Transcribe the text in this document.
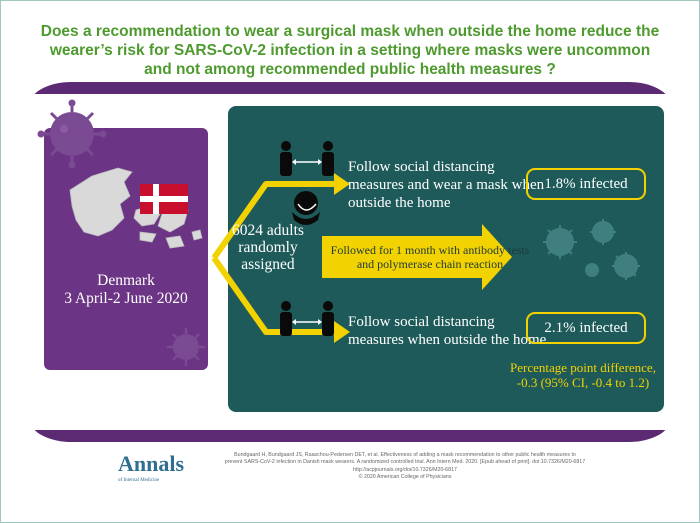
Does a recommendation to wear a surgical mask when outside the home reduce the wearer’s risk for SARS-CoV-2 infection in a setting where masks were uncommon and not among recommended public health measures ?
Denmark
3 April-2 June 2020
6024 adults randomly assigned
Followed for 1 month with antibody tests and polymerase chain reaction
Follow social distancing measures and wear a mask when outside the home
Follow social distancing measures when outside the home
1.8% infected
2.1% infected
Percentage point difference, -0.3 (95% CI, -0.4 to 1.2)
Annals
of Internal Medicine
Bundgaard H, Bundgaard JS, Raaschou-Pedersen DET, et al. Effectiveness of adding a mask recommendation to other public health measures to
prevent SARS-CoV-2 infection in Danish mask wearers. A randomized controlled trial. Ann Intern Med. 2020. [Epub ahead of print]. doi:10.7326/M20-6817
http://acpjournals.org/doi/10.7326/M20-6817
© 2020 American College of Physicians
